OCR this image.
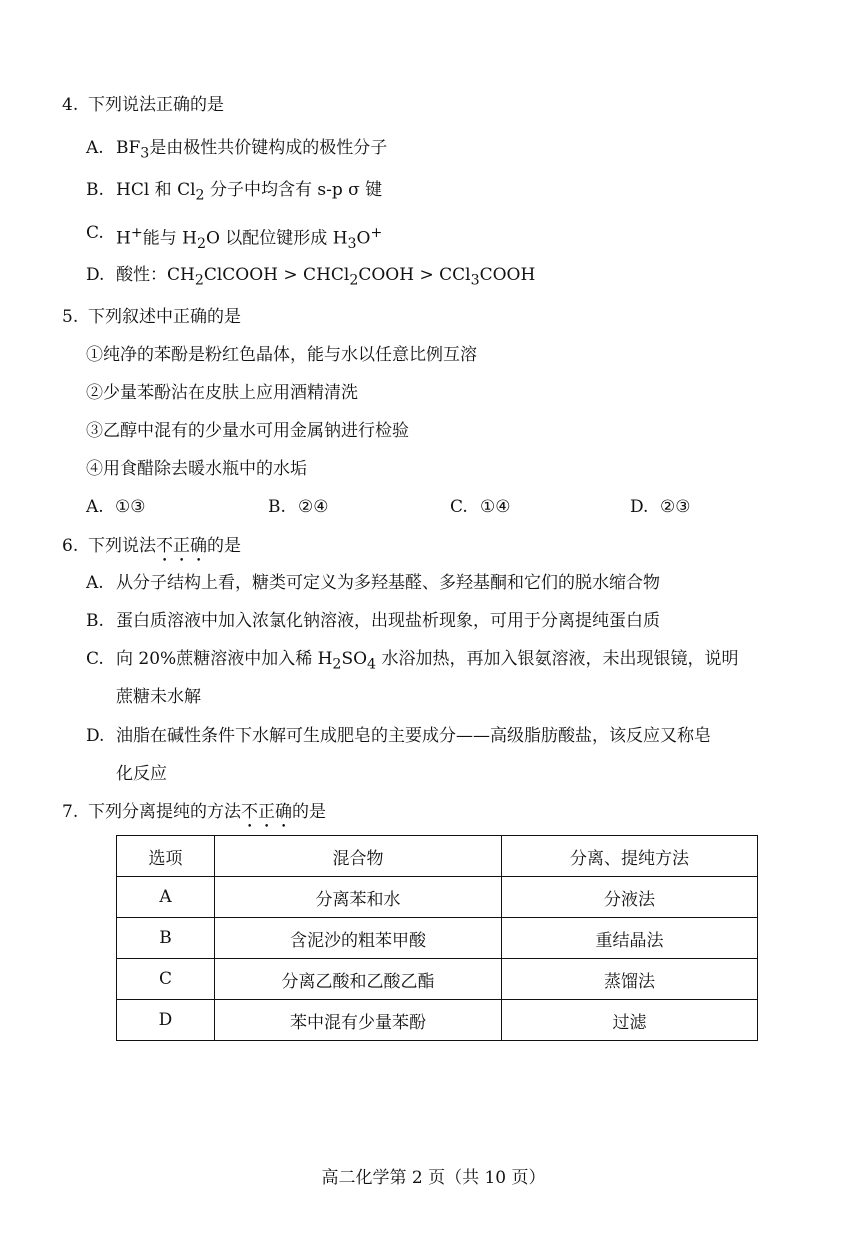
4. 下列说法正确的是
A. $BF_3$是由极性共价键构成的极性分子
B. HCl 和 $Cl_2$ 分子中均含有 s-p σ 键
C. H+能与 $H_2O$ 以配位键形成 $H_3O^+$
D. 酸性：$CH_2ClCOOH$ > CHCl$_2$COOH > CCl$_3$COOH
5. 下列叙述中正确的是
①纯净的苯酚是粉红色晶体，能与水以任意比例互溶
②少量苯酚沾在皮肤上应用酒精清洗
③乙醇中混有的少量水可用金属钠进行检验
④用食醋除去暖水瓶中的水垢
A. ①③	B. ②④	C. ①④	D. ②③
6. 下列说法不正确的是
A. 从分子结构上看，糖类可定义为多羟基醛、多羟基酮和它们的脱水缩合物
B. 蛋白质溶液中加入浓氯化钠溶液，出现盐析现象，可用于分离提纯蛋白质
C. 向 20%蔗糖溶液中加入稀 $H_2SO_4$ 水浴加热，再加入银氨溶液，未出现银镜，说明
蔗糖未水解
D. 油脂在碱性条件下水解可生成肥皂的主要成分——高级脂肪酸盐，该反应又称皂
化反应
7. 下列分离提纯的方法不正确的是
选项	混合物	分离、提纯方法
A	分离苯和水	分液法
B	含泥沙的粗苯甲酸	重结晶法
C	分离乙酸和乙酸乙酯	蒸馏法
D	苯中混有少量苯酚	过滤
高二化学第 2 页（共 10 页）
